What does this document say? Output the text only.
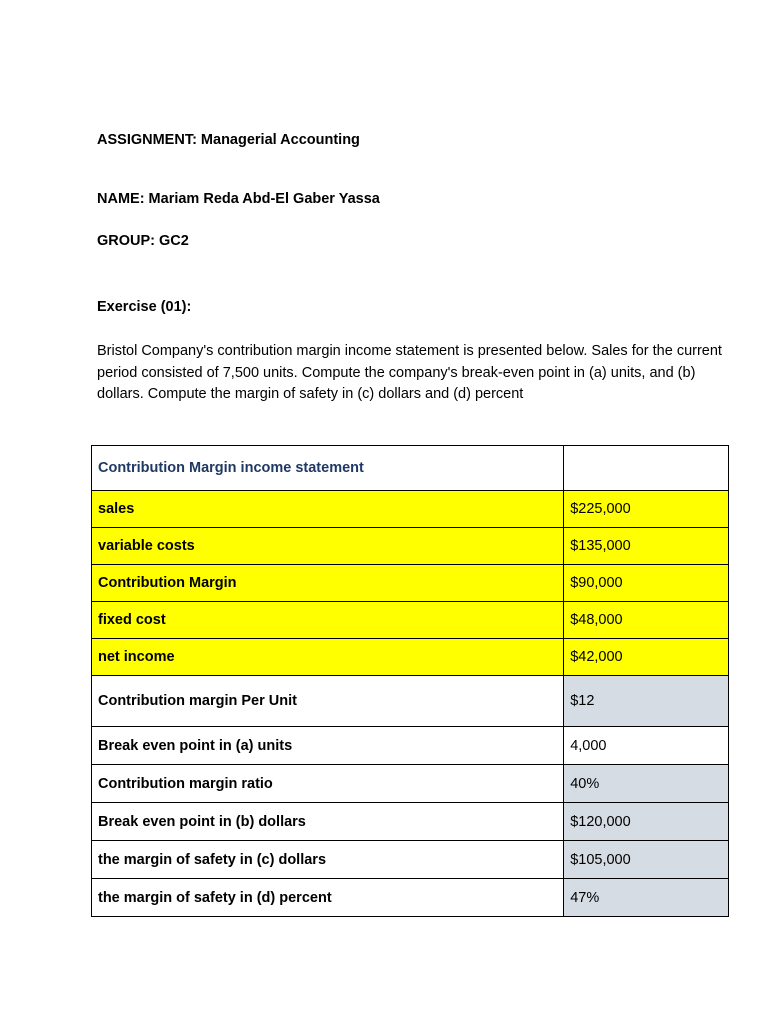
ASSIGNMENT: Managerial Accounting
NAME: Mariam Reda Abd-El Gaber Yassa
GROUP: GC2
Exercise (01):
Bristol Company's contribution margin income statement is presented below. Sales for the current period consisted of 7,500 units. Compute the company's break-even point in (a) units, and (b) dollars. Compute the margin of safety in (c) dollars and (d) percent
Contribution Margin income statement	
sales	$225,000
variable costs	$135,000
Contribution Margin	$90,000
fixed cost	$48,000
net income	$42,000
Contribution margin Per Unit	$12
Break even point in (a) units	4,000
Contribution margin ratio	40%
Break even point in (b) dollars	$120,000
the margin of safety in (c) dollars	$105,000
the margin of safety in (d) percent	47%
